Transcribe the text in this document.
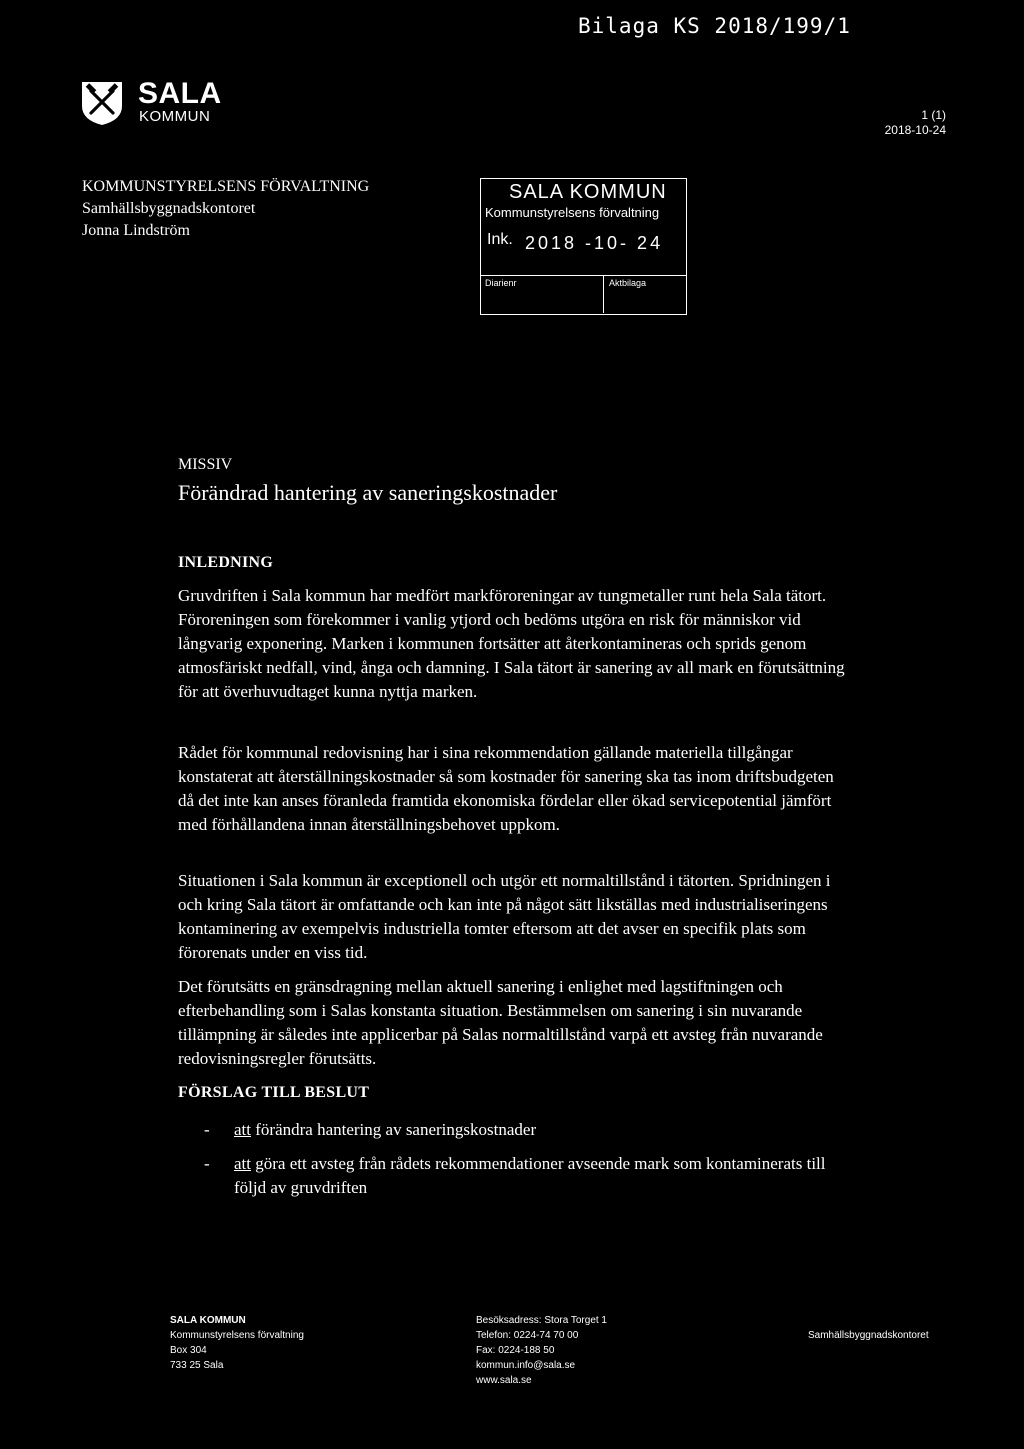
Bilaga KS 2018/199/1
SALA
KOMMUN	1 (1)
2018-10-24
KOMMUNSTYRELSENS FÖRVALTNING
Samhällsbyggnadskontoret
Jonna Lindström
SALA KOMMUN
Kommunstyrelsens förvaltning
Ink. 2018 -10- 24
Diarienr	Aktbilaga
MISSIV
Förändrad hantering av saneringskostnader
INLEDNING

Gruvdriften i Sala kommun har medfört markföroreningar av tungmetaller runt hela Sala tätort. Föroreningen som förekommer i vanlig ytjord och bedöms utgöra en risk för människor vid långvarig exponering. Marken i kommunen fortsätter att återkontamineras och sprids genom atmosfäriskt nedfall, vind, ånga och damning. I Sala tätort är sanering av all mark en förutsättning för att överhuvudtaget kunna nyttja marken.

Rådet för kommunal redovisning har i sina rekommendation gällande materiella tillgångar konstaterat att återställningskostnader så som kostnader för sanering ska tas inom driftsbudgeten då det inte kan anses föranleda framtida ekonomiska fördelar eller ökad servicepotential jämfört med förhållandena innan återställningsbehovet uppkom.

Situationen i Sala kommun är exceptionell och utgör ett normaltillstånd i tätorten. Spridningen i och kring Sala tätort är omfattande och kan inte på något sätt likställas med industrialiseringens kontaminering av exempelvis industriella tomter eftersom att det avser en specifik plats som förorenats under en viss tid.

Det förutsätts en gränsdragning mellan aktuell sanering i enlighet med lagstiftningen och efterbehandling som i Salas konstanta situation. Bestämmelsen om sanering i sin nuvarande tillämpning är således inte applicerbar på Salas normaltillstånd varpå ett avsteg från nuvarande redovisningsregler förutsätts.

FÖRSLAG TILL BESLUT
- att förändra hantering av saneringskostnader
- att göra ett avsteg från rådets rekommendationer avseende mark som kontaminerats till följd av gruvdriften
SALA KOMMUN
Kommunstyrelsens förvaltning
Box 304
733 25 Sala
Besöksadress: Stora Torget 1
Telefon: 0224-74 70 00
Fax: 0224-188 50
kommun.info@sala.se
www.sala.se
Samhällsbyggnadskontoret
